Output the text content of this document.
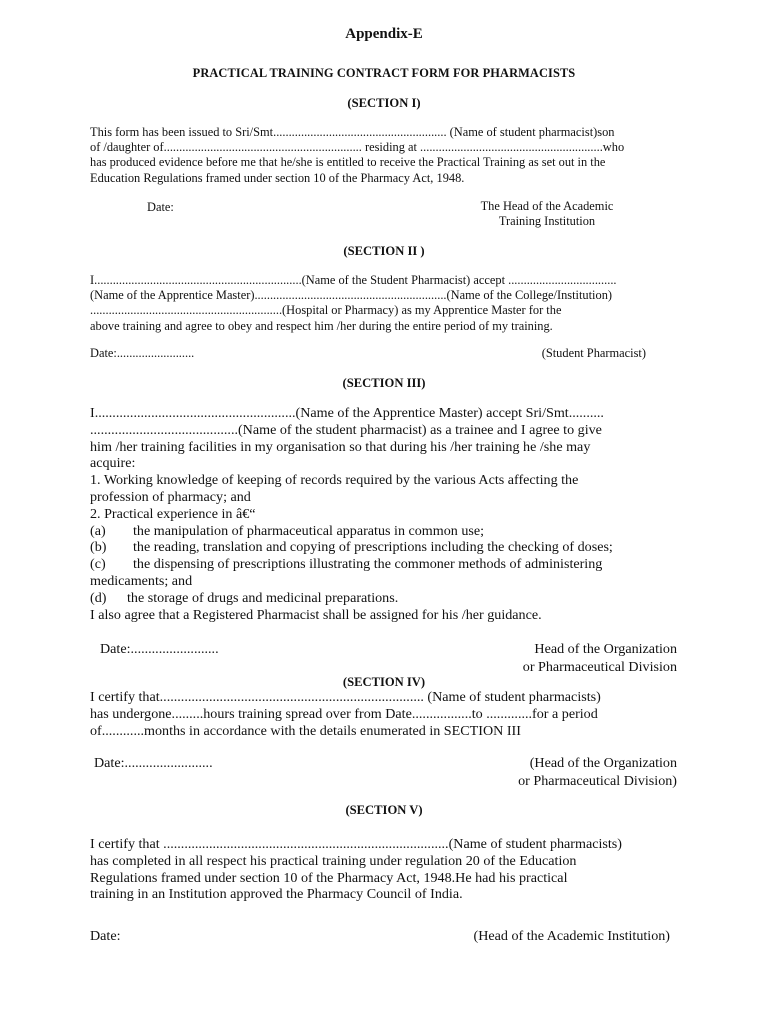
Appendix-E
PRACTICAL TRAINING CONTRACT FORM FOR PHARMACISTS
(SECTION I)
This form has been issued to Sri/Smt........................................................ (Name of student pharmacist)son
of /daughter of................................................................ residing at ...........................................................who
has produced evidence before me that he/she is entitled to receive the Practical Training as set out in the
Education Regulations framed under section 10 of the Pharmacy Act, 1948.
Date:	The Head of the Academic
Training Institution
(SECTION II )
I...................................................................(Name of the Student Pharmacist) accept ...................................
(Name of the Apprentice Master)..............................................................(Name of the College/Institution)
..............................................................(Hospital or Pharmacy) as my Apprentice Master for the
above training and agree to obey and respect him /her during the entire period of my training.
Date:.........................	(Student Pharmacist)
(SECTION III)
I.........................................................(Name of the Apprentice Master) accept Sri/Smt..........
..........................................(Name of the student pharmacist) as a trainee and I agree to give
him /her training facilities in my organisation so that during his /her training he /she may
acquire:
1. Working knowledge of keeping of records required by the various Acts affecting the
profession of pharmacy; and
2. Practical experience in â€“
(a) the manipulation of pharmaceutical apparatus in common use;
(b) the reading, translation and copying of prescriptions including the checking of doses;
(c) the dispensing of prescriptions illustrating the commoner methods of administering
medicaments; and
(d) the storage of drugs and medicinal preparations.
I also agree that a Registered Pharmacist shall be assigned for his /her guidance.
Date:.........................	Head of the Organization
or Pharmaceutical Division
(SECTION IV)
I certify that........................................................................... (Name of student pharmacists)
has undergone.........hours training spread over from Date.................to .............for a period
of............months in accordance with the details enumerated in SECTION III
Date:.........................	(Head of the Organization
or Pharmaceutical Division)
(SECTION V)
I certify that .................................................................................(Name of student pharmacists)
has completed in all respect his practical training under regulation 20 of the Education
Regulations framed under section 10 of the Pharmacy Act, 1948.He had his practical
training in an Institution approved the Pharmacy Council of India.
Date:	(Head of the Academic Institution)
